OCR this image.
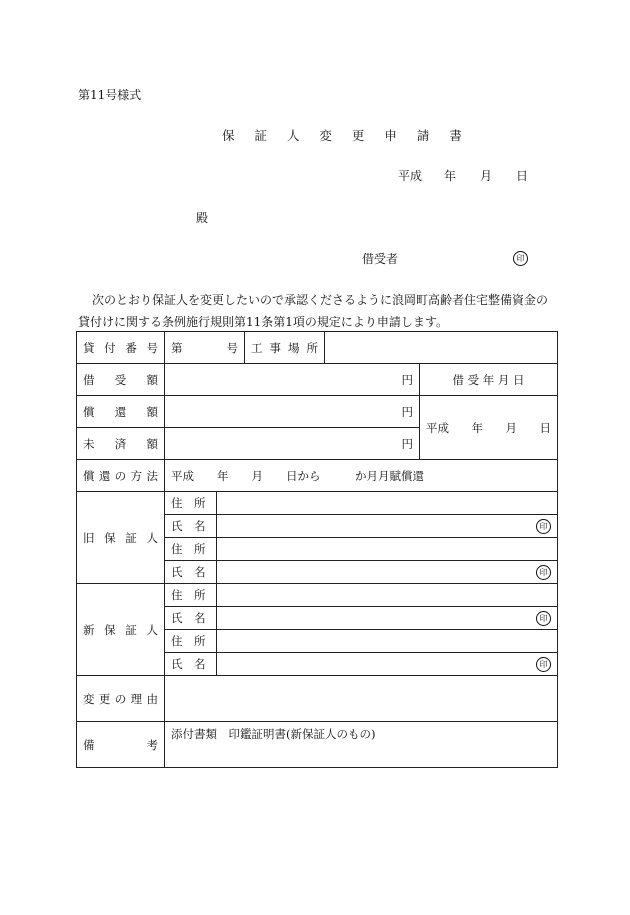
第11号様式
保 証 人 変 更 申 請 書
平成 年 月 日
殿
借受者	印
次のとおり保証人を変更したいので承認くださるように浪岡町高齢者住宅整備資金の
貸付けに関する条例施行規則第11条第1項の規定により申請します。
貸 付 番 号	第 号		工 事 場 所		
借　受　額	円				借 受 年 月 日
償　還　額	円				平成 年 月 日

未　済　額	円				
償還の方法	平成　　年　　月　　日から　　　か月月賦償還				
旧 保 証 人	住　所				
	氏　名	印			
	住　所				
	氏　名	印			
新 保 証 人	住　所				
	氏　名	印			
	住　所				
	氏　名	印			
変更の理由					
備　　　　考	添付書類　印鑑証明書(新保証人のもの)				
